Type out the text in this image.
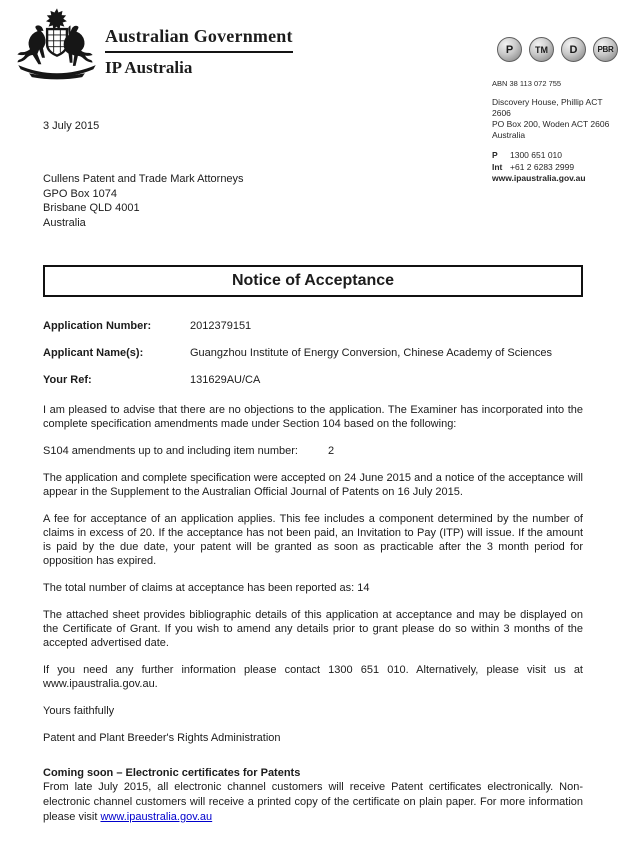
Australian Government
IP Australia
P TM D	PBR
ABN 38 113 072 755
Discovery House, Phillip ACT 2606
PO Box 200, Woden ACT 2606
Australia
P 1300 651 010
Int +61 2 6283 2999
www.ipaustralia.gov.au
3 July 2015
Cullens Patent and Trade Mark Attorneys
GPO Box 1074
Brisbane QLD 4001
Australia
Notice of Acceptance
Application Number:	2012379151
Applicant Name(s):	Guangzhou Institute of Energy Conversion, Chinese Academy of Sciences
Your Ref:	131629AU/CA

I am pleased to advise that there are no objections to the application. The Examiner has incorporated into the complete specification amendments made under Section 104 based on the following:

S104 amendments up to and including item number:	2

The application and complete specification were accepted on 24 June 2015 and a notice of the acceptance will appear in the Supplement to the Australian Official Journal of Patents on 16 July 2015.

A fee for acceptance of an application applies. This fee includes a component determined by the number of claims in excess of 20. If the acceptance has not been paid, an Invitation to Pay (ITP) will issue. If the amount is paid by the due date, your patent will be granted as soon as practicable after the 3 month period for opposition has expired.

The total number of claims at acceptance has been reported as: 14

The attached sheet provides bibliographic details of this application at acceptance and may be displayed on the Certificate of Grant. If you wish to amend any details prior to grant please do so within 3 months of the accepted advertised date.

If you need any further information please contact 1300 651 010. Alternatively, please visit us at www.ipaustralia.gov.au.

Yours faithfully

Patent and Plant Breeder's Rights Administration

Coming soon – Electronic certificates for Patents

From late July 2015, all electronic channel customers will receive Patent certificates electronically. Non-electronic channel customers will receive a printed copy of the certificate on plain paper. For more information please visit www.ipaustralia.gov.au
